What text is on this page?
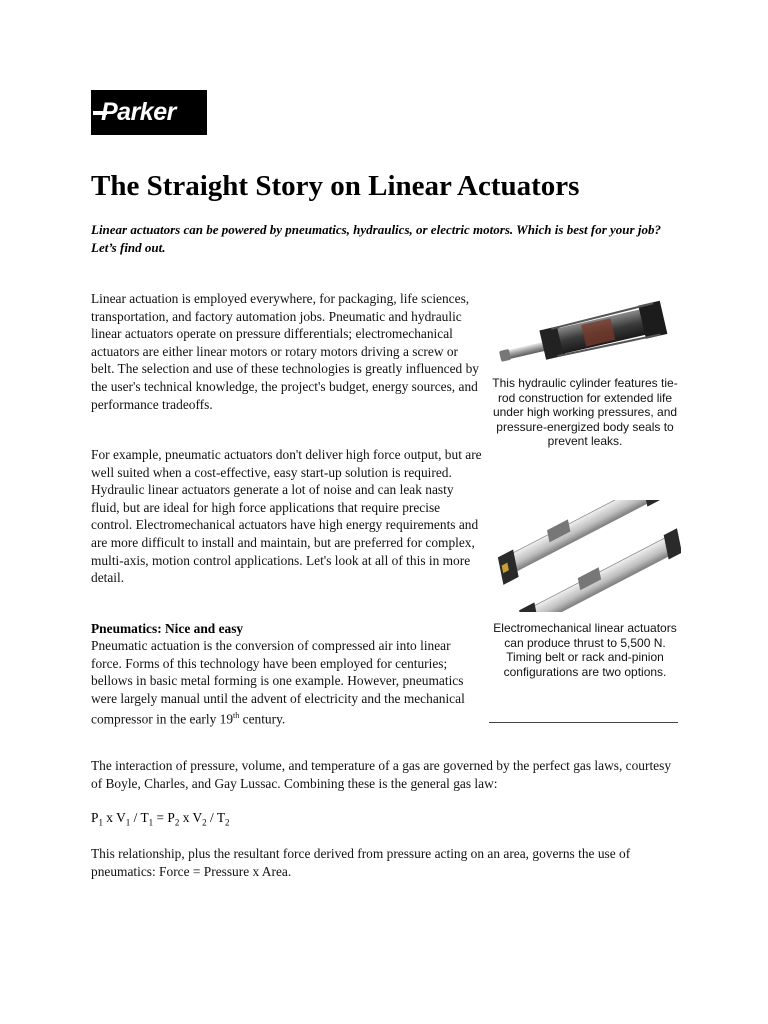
Parker
The Straight Story on Linear Actuators
Linear actuators can be powered by pneumatics, hydraulics, or electric motors. Which is best for your job? Let’s find out.
Linear actuation is employed everywhere, for packaging, life sciences, transportation, and factory automation jobs. Pneumatic and hydraulic linear actuators operate on pressure differentials; electromechanical actuators are either linear motors or rotary motors driving a screw or belt. The selection and use of these technologies is greatly influenced by the user's technical knowledge, the project's budget, energy sources, and performance tradeoffs.
This hydraulic cylinder features tie-rod construction for extended life under high working pressures, and pressure-energized body seals to prevent leaks.
For example, pneumatic actuators don't deliver high force output, but are well suited when a cost-effective, easy start-up solution is required. Hydraulic linear actuators generate a lot of noise and can leak nasty fluid, but are ideal for high force applications that require precise control. Electromechanical actuators have high energy requirements and are more difficult to install and maintain, but are preferred for complex, multi-axis, motion control applications. Let's look at all of this in more detail.
Pneumatics: Nice and easy
Pneumatic actuation is the conversion of compressed air into linear force. Forms of this technology have been employed for centuries; bellows in basic metal forming is one example. However, pneumatics were largely manual until the advent of electricity and the mechanical compressor in the early 19th century.
Electromechanical linear actuators can produce thrust to 5,500 N. Timing belt or rack and-pinion configurations are two options.
The interaction of pressure, volume, and temperature of a gas are governed by the perfect gas laws, courtesy of Boyle, Charles, and Gay Lussac. Combining these is the general gas law:
$P_1$ x $V_1 / T_1 = P_2$ x $V_2 / T_2$
This relationship, plus the resultant force derived from pressure acting on an area, governs the use of pneumatics: Force = Pressure x Area.
